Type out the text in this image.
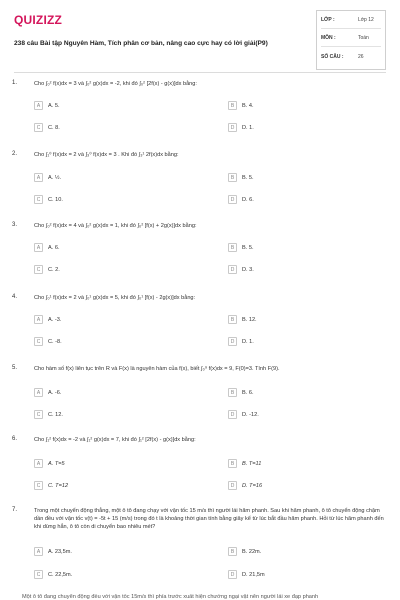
QUIZIZZ
238 câu Bài tập Nguyên Hàm, Tích phân cơ bản, nâng cao cực hay có lời giải(P9)
LỚP :	Lớp 12
MÔN :	Toán
SỐ CÂU :	26
1.	Cho ∫₀² f(x)dx = 3 và ∫₀² g(x)dx = -2, khi đó ∫₀² [2f(x) - g(x)]dx bằng:
A	A. 5.	B	B. 4.
C	C. 8.	D	D. 1.
2.	Cho ∫₁⁰ f(x)dx = 2 và ∫₃⁰ f(x)dx = 3 . Khi đó ∫₃¹ 2f(x)dx bằng:
A	A. ½.	B	B. 5.
C	C. 10.	D	D. 6.
3.	Cho ∫₀² f(x)dx = 4 và ∫₀² g(x)dx = 1, khi đó ∫₀² [f(x) + 2g(x)]dx bằng:
A	A. 6.	B	B. 5.
C	C. 2.	D	D. 3.
4.	Cho ∫₀¹ f(x)dx = 2 và ∫₀¹ g(x)dx = 5, khi đó ∫₀¹ [f(x) - 2g(x)]dx bằng:
A	A. -3.	B	B. 12.
C	C. -8.	D	D. 1.
5.	Cho hàm số f(x) liên tục trên R và F(x) là nguyên hàm của f(x), biết ∫₀⁹ f(x)dx = 9, F(0)=3. Tính F(9).
A	A. -6.	B	B. 6.
C	C. 12.	D	D. -12.
6.	Cho ∫₁² f(x)dx = -2 và ∫₁² g(x)dx = 7, khi đó ∫₁² [2f(x) - g(x)]dx bằng:
A	A. T=5	B	B. T=11
C	C. T=12	D	D. T=16
7.	Trong một chuyển động thẳng, một ô tô đang chạy với vận tốc 15 m/s thì người lái hãm phanh. Sau khi hãm phanh, ô tô chuyển động chậm dần đều với vận tốc v(t) = -5t + 15 (m/s) trong đó t là khoảng thời gian tính bằng giây kể từ lúc bắt đầu hãm phanh. Hỏi từ lúc hãm phanh đến khi dừng hẳn, ô tô còn di chuyển bao nhiêu mét?
A	A. 23,5m.	B	B. 22m.
C	C. 22,5m.	D	D. 21,5m
Một ô tô đang chuyển động đều với vận tốc 15m/s thì phía trước xuất hiện chướng ngại vật nên người lái xe đạp phanh
